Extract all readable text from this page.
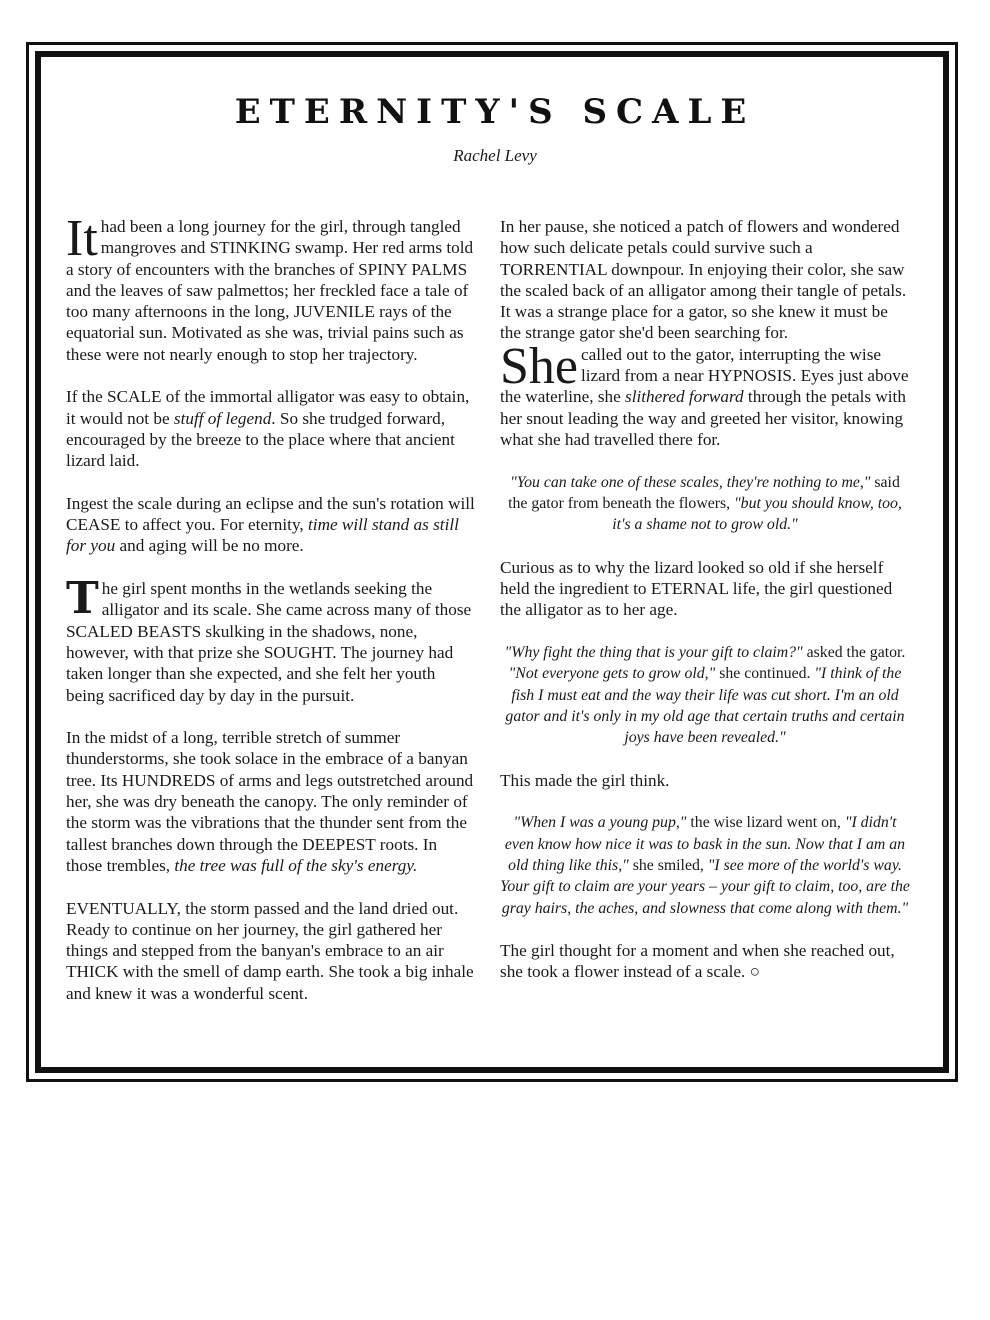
ETERNITY'S SCALE

Rachel Levy

It had been a long journey for the girl, through tangled mangroves and STINKING swamp. Her red arms told a story of encounters with the branches of SPINY PALMS and the leaves of saw palmettos; her freckled face a tale of too many afternoons in the long, JUVENILE rays of the equatorial sun. Motivated as she was, trivial pains such as these were not nearly enough to stop her trajectory.

If the SCALE of the immortal alligator was easy to obtain, it would not be stuff of legend. So she trudged forward, encouraged by the breeze to the place where that ancient lizard laid.

Ingest the scale during an eclipse and the sun's rotation will CEASE to affect you. For eternity, time will stand as still for you and aging will be no more.

The girl spent months in the wetlands seeking the alligator and its scale. She came across many of those SCALED BEASTS skulking in the shadows, none, however, with that prize she SOUGHT. The journey had taken longer than she expected, and she felt her youth being sacrificed day by day in the pursuit.

In the midst of a long, terrible stretch of summer thunderstorms, she took solace in the embrace of a banyan tree. Its HUNDREDS of arms and legs outstretched around her, she was dry beneath the canopy. The only reminder of the storm was the vibrations that the thunder sent from the tallest branches down through the DEEPEST roots. In those trembles, the tree was full of the sky's energy.

EVENTUALLY, the storm passed and the land dried out. Ready to continue on her journey, the girl gathered her things and stepped from the banyan's embrace to an air THICK with the smell of damp earth. She took a big inhale and knew it was a wonderful scent.

In her pause, she noticed a patch of flowers and wondered how such delicate petals could survive such a TORRENTIAL downpour. In enjoying their color, she saw the scaled back of an alligator among their tangle of petals. It was a strange place for a gator, so she knew it must be the strange gator she'd been searching for.

She called out to the gator, interrupting the wise lizard from a near HYPNOSIS. Eyes just above the waterline, she slithered forward through the petals with her snout leading the way and greeted her visitor, knowing what she had travelled there for.

"You can take one of these scales, they're nothing to me," said the gator from beneath the flowers, "but you should know, too, it's a shame not to grow old."

Curious as to why the lizard looked so old if she herself held the ingredient to ETERNAL life, the girl questioned the alligator as to her age.

"Why fight the thing that is your gift to claim?" asked the gator. "Not everyone gets to grow old," she continued. "I think of the fish I must eat and the way their life was cut short. I'm an old gator and it's only in my old age that certain truths and certain joys have been revealed."

This made the girl think.

"When I was a young pup," the wise lizard went on, "I didn't even know how nice it was to bask in the sun. Now that I am an old thing like this," she smiled, "I see more of the world's way. Your gift to claim are your years – your gift to claim, too, are the gray hairs, the aches, and slowness that come along with them."

The girl thought for a moment and when she reached out, she took a flower instead of a scale. ○
